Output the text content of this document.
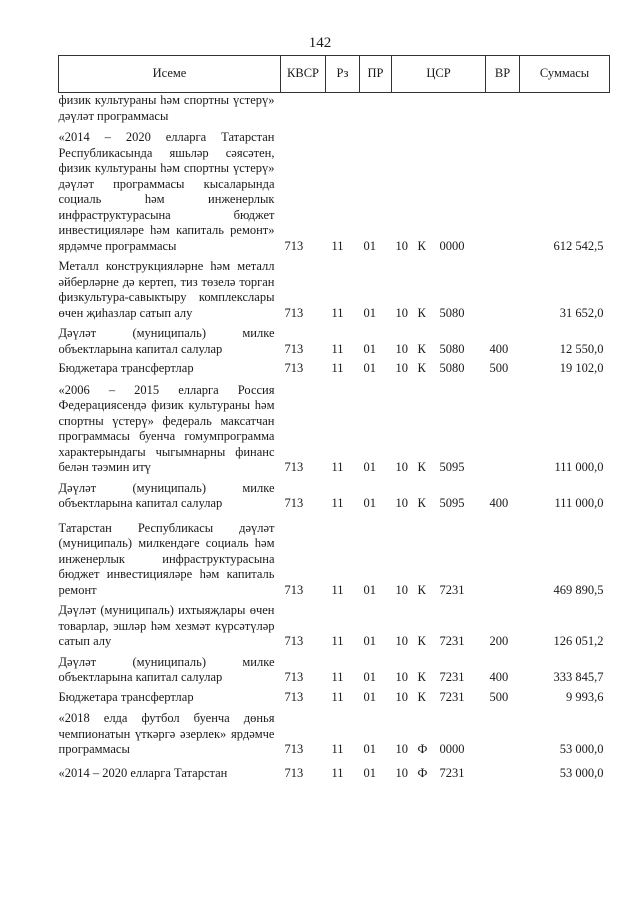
142
Исеме	КВСР	Рз	ПР	ЦСР			ВР	Суммасы
физик культураны һәм спортны үстерү» дәүләт программасы								
«2014 – 2020 елларга Татарстан Республикасында яшьләр сәясәтен, физик культураны һәм спортны үстерү» дәүләт программасы кысаларында социаль һәм инженерлык инфраструктурасына бюджет инвестицияләре һәм капиталь ремонт» ярдәмче программасы	713	11	01	10	К	0000		612 542,5
Металл конструкцияләрне һәм металл әйберләрне дә кертеп, тиз төзелә торган физкультура-савыктыру комплекслары өчен җиһазлар сатып алу	713	11	01	10	К	5080		31 652,0
Дәүләт (муниципаль) милке объектларына капитал салулар	713	11	01	10	К	5080	400	12 550,0
Бюджетара трансфертлар	713	11	01	10	К	5080	500	19 102,0
«2006 – 2015 елларга Россия Федерациясендә физик культураны һәм спортны үстерү» федераль максатчан программасы буенча гомумпрограмма характерындагы чыгымнарны финанс белән тәэмин итү	713	11	01	10	К	5095		111 000,0
Дәүләт (муниципаль) милке объектларына капитал салулар	713	11	01	10	К	5095	400	111 000,0
Татарстан Республикасы дәүләт (муниципаль) милкендәге социаль һәм инженерлык инфраструктурасына бюджет инвестицияләре һәм капиталь ремонт	713	11	01	10	К	7231		469 890,5
Дәүләт (муниципаль) ихтыяҗлары өчен товарлар, эшләр һәм хезмәт күрсәтүләр сатып алу	713	11	01	10	К	7231	200	126 051,2
Дәүләт (муниципаль) милке объектларына капитал салулар	713	11	01	10	К	7231	400	333 845,7
Бюджетара трансфертлар	713	11	01	10	К	7231	500	9 993,6
«2018 елда футбол буенча дөнья чемпионатын үткәргә әзерлек» ярдәмче программасы	713	11	01	10	Ф	0000		53 000,0
«2014 – 2020 елларга Татарстан	713	11	01	10	Ф	7231		53 000,0
